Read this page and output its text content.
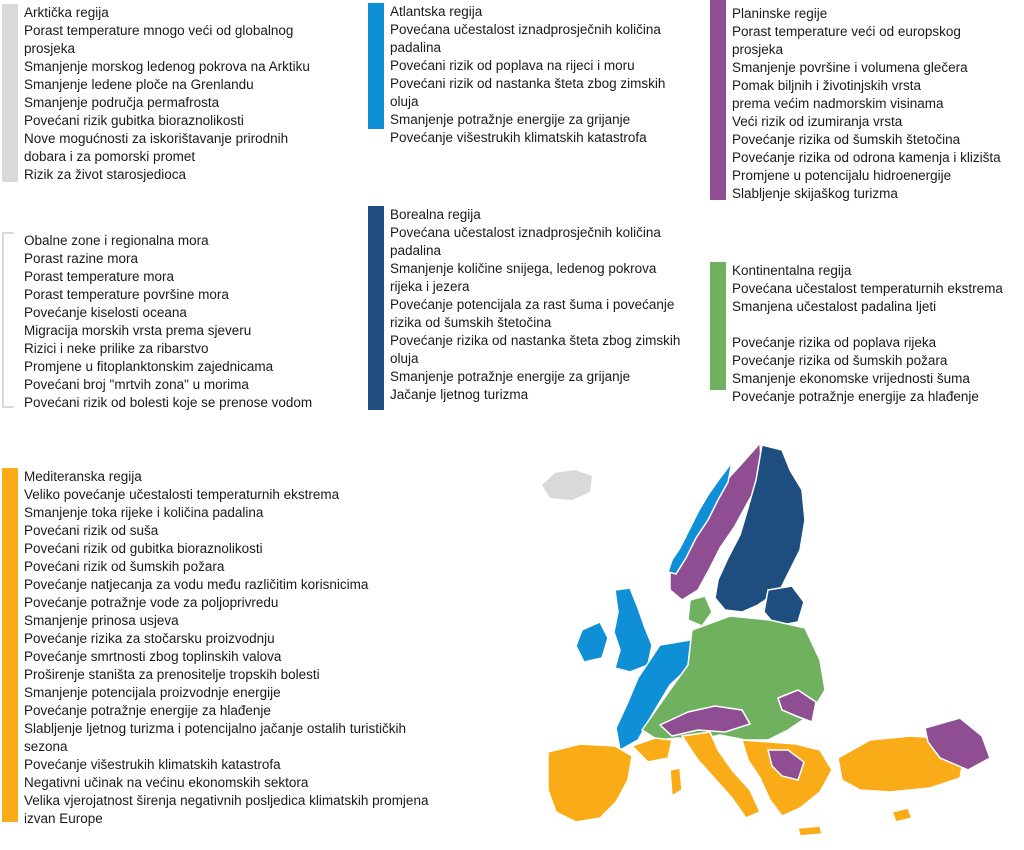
Arktička regija
Porast temperature mnogo veći od globalnog
prosjeka
Smanjenje morskog ledenog pokrova na Arktiku
Smanjenje ledene ploče na Grenlandu
Smanjenje područja permafrosta
Povećani rizik gubitka bioraznolikosti
Nove mogućnosti za iskorištavanje prirodnih
dobara i za pomorski promet
Rizik za život starosjedioca
Atlantska regija
Povećana učestalost iznadprosječnih količina
padalina
Povećani rizik od poplava na rijeci i moru
Povećani rizik od nastanka šteta zbog zimskih
oluja
Smanjenje potražnje energije za grijanje
Povećanje višestrukih klimatskih katastrofa
Planinske regije
Porast temperature veći od europskog
prosjeka
Smanjenje površine i volumena glečera
Pomak biljnih i životinjskih vrsta
prema većim nadmorskim visinama
Veći rizik od izumiranja vrsta
Povećanje rizika od šumskih štetočina
Povećanje rizika od odrona kamenja i klizišta
Promjene u potencijalu hidroenergije
Slabljenje skijaškog turizma
Obalne zone i regionalna mora
Porast razine mora
Porast temperature mora
Porast temperature površine mora
Povećanje kiselosti oceana
Migracija morskih vrsta prema sjeveru
Rizici i neke prilike za ribarstvo
Promjene u fitoplanktonskim zajednicama
Povećani broj "mrtvih zona" u morima
Povećani rizik od bolesti koje se prenose vodom
Borealna regija
Povećana učestalost iznadprosječnih količina
padalina
Smanjenje količine snijega, ledenog pokrova
rijeka i jezera
Povećanje potencijala za rast šuma i povećanje
rizika od šumskih štetočina
Povećanje rizika od nastanka šteta zbog zimskih
oluja
Smanjenje potražnje energije za grijanje
Jačanje ljetnog turizma
Kontinentalna regija
Povećana učestalost temperaturnih ekstrema
Smanjena učestalost padalina ljeti
Povećanje rizika od poplava rijeka
Povećanje rizika od šumskih požara
Smanjenje ekonomske vrijednosti šuma
Povećanje potražnje energije za hlađenje
Mediteranska regija
Veliko povećanje učestalosti temperaturnih ekstrema
Smanjenje toka rijeke i količina padalina
Povećani rizik od suša
Povećani rizik od gubitka bioraznolikosti
Povećani rizik od šumskih požara
Povećanje natjecanja za vodu među različitim korisnicima
Povećanje potražnje vode za poljoprivredu
Smanjenje prinosa usjeva
Povećanje rizika za stočarsku proizvodnju
Povećanje smrtnosti zbog toplinskih valova
Proširenje staništa za prenositelje tropskih bolesti
Smanjenje potencijala proizvodnje energije
Povećanje potražnje energije za hlađenje
Slabljenje ljetnog turizma i potencijalno jačanje ostalih turističkih
sezona
Povećanje višestrukih klimatskih katastrofa
Negativni učinak na većinu ekonomskih sektora
Velika vjerojatnost širenja negativnih posljedica klimatskih promjena
izvan Europe
